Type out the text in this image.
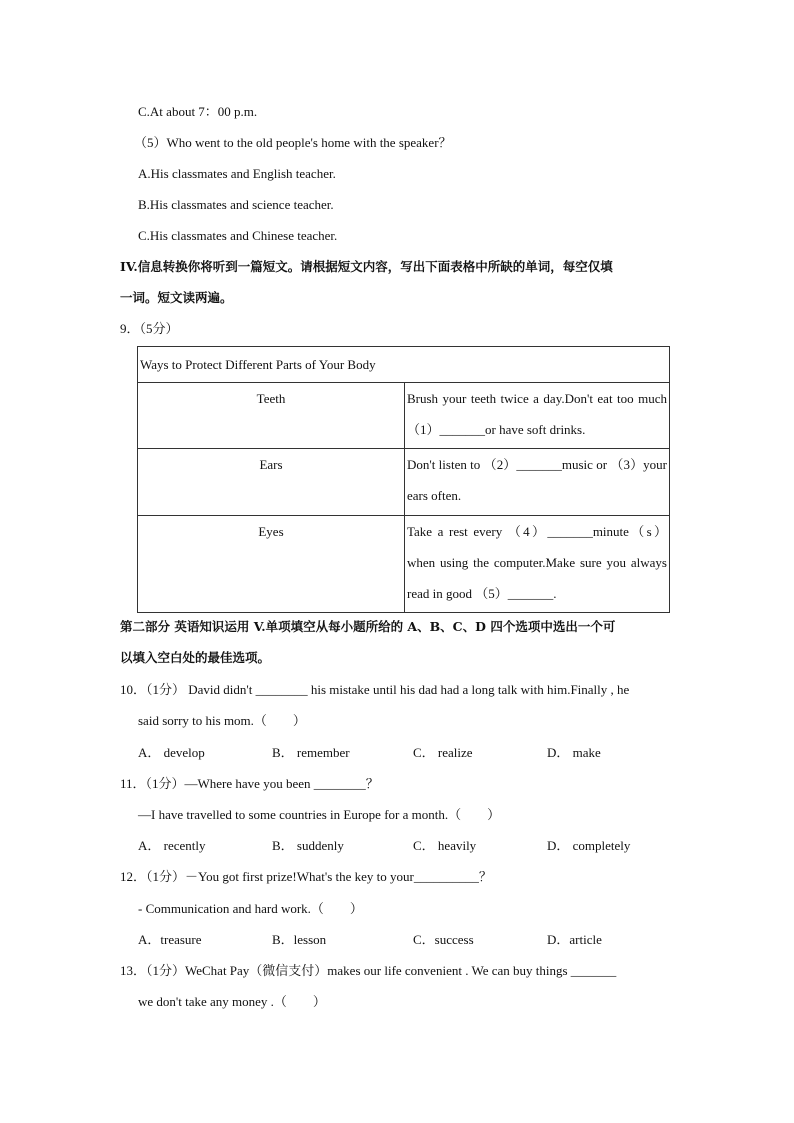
C.At about 7：00 p.m.
（5）Who went to the old people's home with the speaker？
A.His classmates and English teacher.
B.His classmates and science teacher.
C.His classmates and Chinese teacher.
IV.信息转换你将听到一篇短文。请根据短文内容，写出下面表格中所缺的单词，每空仅填
一词。短文读两遍。
9．（5分）
Ways to Protect Different Parts of Your Body	
Teeth	Brush your teeth twice a day.Don't eat too much （1）_______or have soft drinks.
Ears	Don't listen to （2）_______music or （3）your ears often.
Eyes	Take a rest every （4）_______minute（s）when using the computer.Make sure you always read in good （5）_______.
第二部分 英语知识运用 V.单项填空从每小题所给的 A、B、C、D 四个选项中选出一个可
以填入空白处的最佳选项。
10．（1分） David didn't ________ his mistake until his dad had a long talk with him.Finally , he
said sorry to his mom.（　　）
A． develop	B． remember	C． realize	D． make
11．（1分）—Where have you been ________？
—I have travelled to some countries in Europe for a month.（　　）
A． recently	B． suddenly	C． heavily	D． completely
12．（1分）－You got first prize!What's the key to your__________？
- Communication and hard work.（　　）
A．treasure	B．lesson	C．success	D．article
13．（1分）WeChat Pay（微信支付）makes our life convenient . We can buy things _______
we don't take any money .（　　）
